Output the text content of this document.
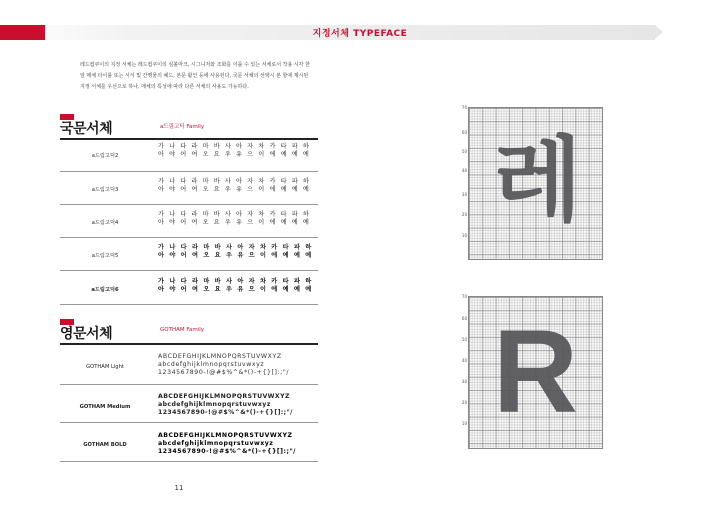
지정서체 TYPEFACE

레드컵쿠이의 지정 서체는 레드컵쿠이의 심볼마크, 시그니처와 조화를 이룰 수 있는 서체로서 작용 시각 한

알 매체 타이틀 또는 서식 및 간행물의 헤드, 본문 활인 등에 사용된다. 국문 서체의 선택시 본 항에 제시된

지정 서체를 우선으로 하나, 매체의 특성에 따라 다른 서체의 사용도 가능하다.

국문서체	a드림고딕 Family
a드림고딕2
가 나 다 라 마 바 사 아 자 차 카 타 파 하
아 야 어 여 오 요 우 유 으 이 에 예 예 예
a드림고딕3
가 나 다 라 마 바 사 아 자 차 카 타 파 하
아 야 어 여 오 요 우 유 으 이 에 예 예 예
a드림고딕4
가 나 다 라 마 바 사 아 자 차 카 타 파 하
아 야 어 여 오 요 우 유 으 이 에 예 예 예
a드림고딕5
가 나 다 라 마 바 사 아 자 차 카 타 파 하
아 야 어 여 오 요 우 유 으 이 에 예 예 예
a드림고딕6
가 나 다 라 마 바 사 아 자 차 카 타 파 하
아 야 어 여 오 요 우 유 으 이 에 예 예 예
영문서체	GOTHAM Family
GOTHAM Light
ABCDEFGHIJKLMNOPQRSTUVWXYZ
abcdefghijklmnopqrstuvwxyz
1234567890-!@#$%^&*()-+{}[]:;"/
GOTHAM Medium
ABCDEFGHIJKLMNOPQRSTUVWXYZ
abcdefghijklmnopqrstuvwxyz
1234567890-!@#$%^&*()-+{}[]:;"/
GOTHAM BOLD
ABCDEFGHIJKLMNOPQRSTUVWXYZ
abcdefghijklmnopqrstuvwxyz
1234567890-!@#$%^&*()-+{}[]:;"/
70
60
50
40
30
20
10
레
70
60
50
40
30
20
10 R
11
